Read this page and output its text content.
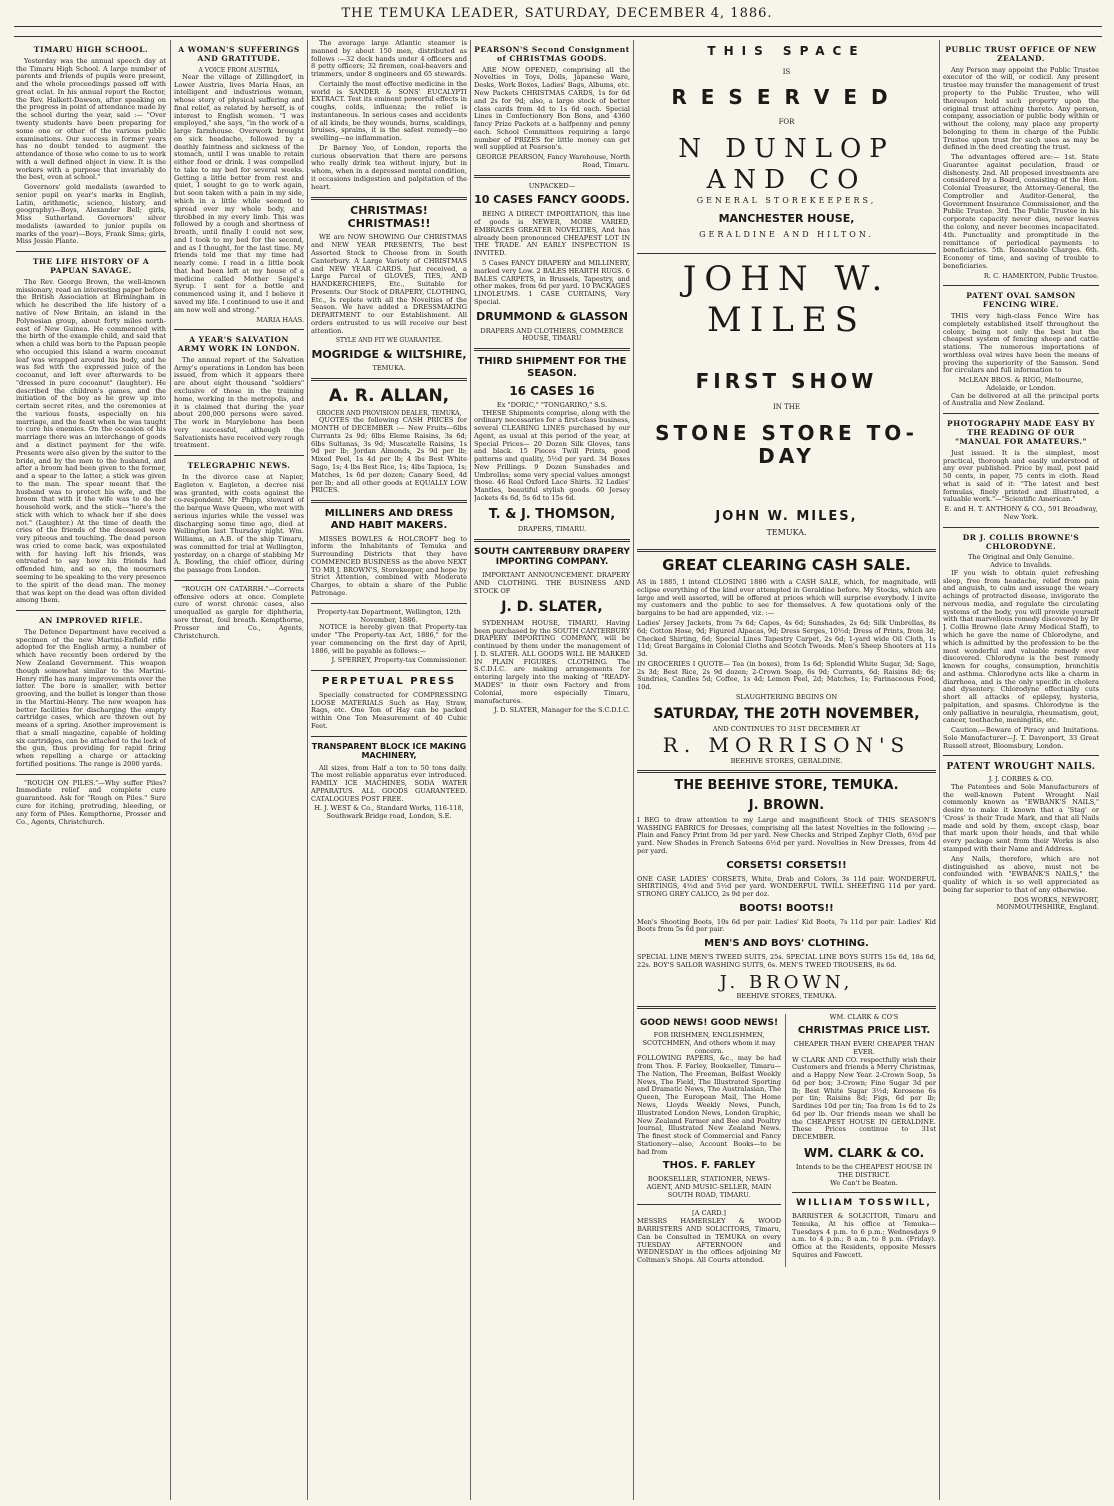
THE TEMUKA LEADER, SATURDAY, DECEMBER 4, 1886.
TIMARU HIGH SCHOOL.

Yesterday was the annual speech day at the Timaru High School. A large number of parents and friends of pupils were present, and the whole proceedings passed off with great eclat. In his annual report the Rector, the Rev. Halkett-Dawson, after speaking on the progress in point of attendance made by the school during the year, said :— "Over twenty students have been preparing for some one or other of the various public examinations. Our success in former years has no doubt tended to augment the attendance of those who come to us to work with a well defined object in view. It is the workers with a purpose that invariably do the best, even at school."

Governors' gold medalists (awarded to senior pupil on year's marks in English, Latin, arithmetic, science, history, and geography)—Boys, Alexander Bell; girls, Miss Sutherland. Governors' silver medalists (awarded to junior pupils on marks of the year)—Boys, Frank Sims; girls, Miss Jessie Plante.

THE LIFE HISTORY OF A PAPUAN SAVAGE.

The Rev. George Brown, the well-known missionary, read an interesting paper before the British Association at Birmingham in which he described the life history of a native of New Britain, an island in the Polynesian group, about forty miles north-east of New Guinea. He commenced with the birth of the example child, and said that when a child was born to the Papuan people who occupied this island a warm cocoanut leaf was wrapped around his body, and he was fed with the expressed juice of the cocoanut, and left ever afterwards to be "dressed in pure cocoanut" (laughter). He described the children's games, and the initiation of the boy as he grew up into certain secret rites, and the ceremonies at the various feasts, especially on his marriage, and the feast when he was taught to cure his enemies. On the occasion of his marriage there was an interchange of goods and a distinct payment for the wife. Presents were also given by the suitor to the bride, and by the men to the husband, and after a broom had been given to the former, and a spear to the latter, a stick was given to the man. The spear meant that the husband was to protect his wife, and the broom that with it the wife was to do her household work, and the stick—"here's the stick with which to whack her if she does not." (Laughter.) At the time of death the cries of the friends of the deceased were very piteous and touching. The dead person was cried to come back, was expostulated with for having left his friends, was entreated to say how his friends had offended him, and so on, the mourners seeming to be speaking to the very presence to the spirit of the dead man. The money that was kept on the dead was often divided among them.

AN IMPROVED RIFLE.

The Defence Department have received a specimen of the new Martini-Enfield rifle adopted for the English army, a number of which have recently been ordered by the New Zealand Government. This weapon though somewhat similar to the Martini-Henry rifle has many improvements over the latter. The bore is smaller, with better grooving, and the bullet is longer than those in the Martini-Henry. The new weapon has better facilities for discharging the empty cartridge cases, which are thrown out by means of a spring. Another improvement is that a small magazine, capable of holding six cartridges, can be attached to the lock of the gun, thus providing for rapid firing when repelling a charge or attacking fortified positions. The range is 2000 yards.

"ROUGH ON PILES."—Why suffer Piles? Immediate relief and complete cure guaranteed. Ask for "Rough on Piles." Sure cure for itching, protruding, bleeding, or any form of Piles. Kempthorne, Prosser and Co., Agents, Christchurch.

A WOMAN'S SUFFERINGS AND GRATITUDE.
A VOICE FROM AUSTRIA.

Near the village of Zillingdorf, in Lower Austria, lives Maria Haas, an intelligent and industrious woman, whose story of physical suffering and final relief, as related by herself, is of interest to English women. "I was employed," she says, "in the work of a large farmhouse. Overwork brought on sick headache, followed by a deathly faintness and sickness of the stomach, until I was unable to retain either food or drink. I was compelled to take to my bed for several weeks. Getting a little better from rest and quiet, I sought to go to work again, but soon taken with a pain in my side, which in a little while seemed to spread over my whole body, and throbbed in my every limb. This was followed by a cough and shortness of breath, until finally I could not sew, and I took to my bed for the second, and as I thought, for the last time. My friends told me that my time had nearly come. I read in a little book that had been left at my house of a medicine called Mother Seigel's Syrup. I sent for a bottle and commenced using it, and I believe it saved my life. I continued to use it and am now well and strong."

MARIA HAAS.
A YEAR'S SALVATION ARMY WORK IN LONDON.

The annual report of the Salvation Army's operations in London has been issued, from which it appears there are about eight thousand "soldiers" exclusive of those in the training home, working in the metropolis, and it is claimed that during the year about 200,000 persons were saved. The work in Marylebone has been very successful, although the Salvationists have received very rough treatment.

TELEGRAPHIC NEWS.

In the divorce case at Napier, Eagleton v. Eagleton, a decree nisi was granted, with costs against the co-respondent. Mr Phipp, steward of the barque Wave Queen, who met with serious injuries while the vessel was discharging some time ago, died at Wellington last Thursday night. Wm. Williams, an A.B. of the ship Timaru, was committed for trial at Wellington, yesterday, on a charge of stabbing Mr A. Bowling, the chief officer, during the passage from London.

"ROUGH ON CATARRH."—Corrects offensive odors at once. Complete cure of worst chronic cases, also unequalled as gargle for diphtheria, sore throat, foul breath. Kempthorne, Prosser and Co., Agents, Christchurch.

The average large Atlantic steamer is manned by about 150 men, distributed as follows :—32 deck hands under 4 officers and 8 petty officers; 32 firemen, coal-heavers and trimmers, under 8 engineers and 65 stewards.

Certainly the most effective medicine in the world is SANDER & SONS' EUCALYPTI EXTRACT. Test its eminent powerful effects in coughs, colds, influenza; the relief is instantaneous. In serious cases and accidents of all kinds, be they wounds, burns, scaldings, bruises, sprains, it is the safest remedy—no swelling—no inflammation.

Dr Barney Yeo, of London, reports the curious observation that there are persons who really drink tea without injury, but in whom, when in a depressed mental condition, it occasions indigestion and palpitation of the heart.

CHRISTMAS! CHRISTMAS!!

WE are NOW SHOWING Our CHRISTMAS and NEW YEAR PRESENTS, The best Assorted Stock to Choose from in South Canterbury. A Large Variety of CHRISTMAS and NEW YEAR CARDS. Just received, a Large Parcel of GLOVES, TIES, AND HANDKERCHIEFS, Etc., Suitable for Presents. Our Stock of DRAPERY, CLOTHING, Etc., Is replete with all the Novelties of the Season. We have added a DRESSMAKING DEPARTMENT to our Establishment. All orders entrusted to us will receive our best attention.

STYLE AND FIT WE GUARANTEE.
MOGRIDGE & WILTSHIRE,
TEMUKA.
A. R. ALLAN,
GROCER AND PROVISION DEALER, TEMUKA,

QUOTES the following CASH PRICES for MONTH of DECEMBER :— New Fruits—6lbs Currants 2s 9d; 6lbs Eleme Raisins, 3s 6d; 6lbs Sultanas, 3s 9d; Muscatelle Raisins, 1s 9d per lb; Jordan Almonds, 2s 9d per lb; Mixed Peel, 1s 4d per lb; 4 lbs Best White Sago, 1s; 4 lbs Best Rice, 1s; 4lbs Tapioca, 1s; Matches, 1s 6d per dozen; Canary Seed, 4d per lb; and all other goods at EQUALLY LOW PRICES.

MILLINERS AND DRESS AND HABIT MAKERS.

MISSES BOWLES & HOLCROFT beg to inform the Inhabitants of Temuka and Surrounding Districts that they have COMMENCED BUSINESS as the above NEXT TO MR J. BROWN'S, Storekeeper, and hope by Strict Attention, combined with Moderate Charges, to obtain a share of the Public Patronage.

Property-tax Department, Wellington, 12th November, 1886.

NOTICE is hereby given that Property-tax under "The Property-tax Act, 1886," for the year commencing on the first day of April, 1886, will be payable as follows:—

J. SPERREY, Property-tax Commissioner.
PERPETUAL PRESS

Specially constructed for COMPRESSING LOOSE MATERIALS Such as Hay, Straw, Rags, etc. One Ton of Hay can be packed within One Ton Measurement of 40 Cubic Feet.

TRANSPARENT BLOCK ICE MAKING MACHINERY,

All sizes, from Half a ton to 50 tons daily. The most reliable apparatus ever introduced. FAMILY ICE MACHINES, SODA WATER APPARATUS. ALL GOODS GUARANTEED. CATALOGUES POST FREE.

H. J. WEST & Co., Standard Works, 116-118, Southwark Bridge road, London, S.E.
PEARSON'S Second Consignment of CHRISTMAS GOODS.

ARE NOW OPENED, comprising all the Novelties in Toys, Dolls, Japanese Ware, Desks, Work Boxes, Ladies' Bags, Albums, etc. New Packets CHRISTMAS CARDS, 1s for 6d and 2s for 9d; also, a large stock of better class cards from 4d to 1s 6d each. Special Lines in Confectionery Bon Bons, and 4360 fancy Prize Packets at a halfpenny and penny each. School Committees requiring a large number of PRIZES for little money can get well supplied at Pearson's.

GEORGE PEARSON, Fancy Warehouse, North Road, Timaru.
UNPACKED—
10 CASES FANCY GOODS.

BEING A DIRECT IMPORTATION, this line of goods is NEWER, MORE VARIED, EMBRACES GREATER NOVELTIES, And has already been pronounced CHEAPEST LOT IN THE TRADE. AN EARLY INSPECTION IS INVITED.

5 Cases FANCY DRAPERY and MILLINERY, marked very Low. 2 BALES HEARTH RUGS. 6 BALES CARPETS, in Brussels, Tapestry, and other makes, from 6d per yard. 10 PACKAGES LINOLEUMS. 1 CASE CURTAINS, Very Special.

DRUMMOND & GLASSON
DRAPERS AND CLOTHIERS, COMMERCE HOUSE, TIMARU
THIRD SHIPMENT FOR THE SEASON.
16 CASES 16
Ex "DORIC," "TONGARIRO," S.S.

THESE Shipments comprise, along with the ordinary necessaries for a first-class business, several CLEARING LINES purchased by our Agent, as usual at this period of the year, at Special Prices— 20 Dozen Silk Gloves, tans and black. 15 Pieces Twill Prints, good patterns and quality, 5½d per yard. 34 Boxes New Frillings. 9 Dozen Sunshades and Umbrellas; some very special values amongst those. 46 Real Oxford Lace Shirts. 32 Ladies' Mantles, beautiful stylish goods. 60 Jersey Jackets 4s 6d, 5s 6d to 15s 6d.

T. & J. THOMSON,
DRAPERS, TIMARU.
SOUTH CANTERBURY DRAPERY IMPORTING COMPANY.

IMPORTANT ANNOUNCEMENT. DRAPERY AND CLOTHING. THE BUSINESS AND STOCK OF

J. D. SLATER,

SYDENHAM HOUSE, TIMARU, Having been purchased by the SOUTH CANTERBURY DRAPERY IMPORTING COMPANY, will be continued by them under the management of J. D. SLATER. ALL GOODS WILL BE MARKED IN PLAIN FIGURES. CLOTHING. The S.C.D.I.C. are making arrangements for entering largely into the making of "READY-MADES" in their own Factory and from Colonial, more especially Timaru, manufactures.

J. D. SLATER, Manager for the S.C.D.I.C.
THIS SPACE
IS
RESERVED
FOR
N DUNLOP AND CO
GENERAL STOREKEEPERS,
MANCHESTER HOUSE,
GERALDINE AND HILTON.
JOHN W. MILES
FIRST SHOW
IN THE
STONE STORE TO-DAY
JOHN W. MILES,
TEMUKA.
GREAT CLEARING CASH SALE.

AS in 1885, I intend CLOSING 1886 with a CASH SALE, which, for magnitude, will eclipse everything of the kind ever attempted in Geraldine before. My Stocks, which are large and well assorted, will be offered at prices which will surprise everybody. I invite my customers and the public to see for themselves. A few quotations only of the bargains to be had are appended, viz. :—

Ladies' Jersey Jackets, from 7s 6d; Capes, 4s 6d; Sunshades, 2s 6d; Silk Umbrellas, 8s 6d; Cotton Hose, 9d; Figured Alpacas, 9d; Dress Serges, 10½d; Dress of Prints, from 3d; Checked Shirting, 6d; Special Lines Tapestry Carpet, 2s 6d; 1-yard wide Oil Cloth, 1s 11d; Great Bargains in Colonial Cloths and Scotch Tweeds. Men's Sheep Shooters at 11s 3d.

IN GROCERIES I QUOTE— Tea (in boxes), from 1s 6d; Splendid White Sugar, 3d; Sago, 2s 3d; Best Rice, 2s 9d dozen; 2-Crown Soap, 6s 9d; Currants, 6d; Raisins 8d; 6s; Sundries, Candles 5d; Coffee, 1s 4d; Lemon Peel, 2d; Matches, 1s; Farinaceous Food, 10d.

SLAUGHTERING BEGINS ON
SATURDAY, THE 20TH NOVEMBER,
AND CONTINUES TO 31ST DECEMBER AT
R. MORRISON'S
BEEHIVE STORES, GERALDINE.
THE BEEHIVE STORE, TEMUKA.
J. BROWN.

I BEG to draw attention to my Large and magnificent Stock of THIS SEASON'S WASHING FABRICS for Dresses, comprising all the latest Novelties in the following :— Plain and Fancy Print from 3d per yard. New Checks and Striped Zephyr Cloth, 6½d per yard. New Shades in French Sateens 6½d per yard. Novelties in New Dresses, from 4d per yard.

CORSETS! CORSETS!!

ONE CASE LADIES' CORSETS, White, Drab and Colors, 3s 11d pair. WONDERFUL SHIRTINGS, 4½d and 5½d per yard. WONDERFUL TWILL SHEETING 11d per yard. STRONG GREY CALICO, 2s 9d per doz.

BOOTS! BOOTS!!

Men's Shooting Boots, 10s 6d per pair. Ladies' Kid Boots, 7s 11d per pair. Ladies' Kid Boots from 5s 6d per pair.

MEN'S AND BOYS' CLOTHING.

SPECIAL LINE MEN'S TWEED SUITS, 25s. SPECIAL LINE BOYS SUITS 15s 6d, 18s 6d, 22s. BOY'S SAILOR WASHING SUITS, 6s. MEN'S TWEED TROUSERS, 8s 6d.

J. BROWN,
BEEHIVE STORES, TEMUKA.
GOOD NEWS! GOOD NEWS!
FOR IRISHMEN, ENGLISHMEN, SCOTCHMEN, And others whom it may concern.

FOLLOWING PAPERS, &c., may be had from Thos. F. Farley, Bookseller, Timaru—The Nation, The Freeman, Belfast Weekly News, The Field, The Illustrated Sporting and Dramatic News, The Australasian, The Queen, The European Mail, The Home News, Lloyds Weekly News, Punch, Illustrated London News, London Graphic, New Zealand Farmer and Bee and Poultry Journal, Illustrated New Zealand News. The finest stock of Commercial and Fancy Stationery—also, Account Books—to be had from

THOS. F. FARLEY
BOOKSELLER, STATIONER, NEWS-AGENT, AND MUSIC-SELLER, MAIN SOUTH ROAD, TIMARU.
[A CARD.]

MESSRS HAMERSLEY & WOOD BARRISTERS AND SOLICITORS, Timaru, Can be Consulted in TEMUKA on every TUESDAY AFTERNOON and WEDNESDAY in the offices adjoining Mr Coltman's Shops. All Courts attended.

WM. CLARK & CO'S
CHRISTMAS PRICE LIST.
CHEAPER THAN EVER! CHEAPER THAN EVER.

W CLARK AND CO. respectfully wish their Customers and friends a Merry Christmas, and a Happy New Year. 2-Crown Soap, 5s 6d per box; 3-Crown; Fine Sugar 3d per lb; Best White Sugar 3½d; Kerosene 6s per tin; Raisins 8d; Figs, 6d per lb; Sardines 10d per tin; Tea from 1s 6d to 2s 6d per lb. Our friends mean we shall be the CHEAPEST HOUSE IN GERALDINE. These Prices continue to 31st DECEMBER.

WM. CLARK & CO.
Intends to be the CHEAPEST HOUSE IN THE DISTRICT.
We Can't be Beaten.
WILLIAM TOSSWILL,

BARRISTER & SOLICITOR, Timaru and Temuka, At his office at Temuka—Tuesdays 4 p.m. to 6 p.m.; Wednesdays 9 a.m. to 4 p.m.; 8 a.m. to 8 p.m. (Friday). Office at the Residents, opposite Messrs Squires and Fawcett.

PUBLIC TRUST OFFICE OF NEW ZEALAND.

Any Person may appoint the Public Trustee executor of the will, or codicil. Any present trustee may transfer the management of trust property to the Public Trustee, who will thereupon hold such property upon the original trust attaching thereto. Any person, company, association or public body within or without the colony, may place any property belonging to them in charge of the Public Trustee upon trust for such uses as may be defined in the deed creating the trust.

The advantages offered are:— 1st. State Guarantee against peculation, fraud or dishonesty. 2nd. All proposed investments are considered by a Board, consisting of the Hon. Colonial Treasurer, the Attorney-General, the Comptroller and Auditor-General, the Government Insurance Commissioner, and the Public Trustee. 3rd. The Public Trustee in his corporate capacity never dies, never leaves the colony, and never becomes incapacitated. 4th. Punctuality and promptitude in the remittance of periodical payments to beneficiaries. 5th. Reasonable Charges. 6th. Economy of time, and saving of trouble to beneficiaries.

R. C. HAMERTON, Public Trustee.
PATENT OVAL SAMSON FENCING WIRE.

THIS very high-class Fence Wire has completely established itself throughout the colony, being not only the best but the cheapest system of fencing sheep and cattle stations. The numerous importations of worthless oval wires have been the means of proving the superiority of the Samson. Send for circulars and full information to

McLEAN BROS. & RIGG, Melbourne, Adelaide, or London.

Can be delivered at all the principal ports of Australia and New Zealand.

PHOTOGRAPHY MADE EASY BY THE READING OF OUR "MANUAL FOR AMATEURS."

Just issued. It is the simplest, most practical, thorough and easily understood of any ever published. Price by mail, post paid 50 cents, in paper, 75 cents in cloth. Read what is said of it: "The latest and best formulas, finely printed and illustrated, a valuable work."—"Scientific American."

E. and H. T. ANTHONY & CO., 591 Broadway, New York.
DR J. COLLIS BROWNE'S CHLORODYNE.
The Original and Only Genuine.
Advice to Invalids.

IF you wish to obtain quiet refreshing sleep, free from headache, relief from pain and anguish, to calm and assuage the weary achings of protracted disease, invigorate the nervous media, and regulate the circulating systems of the body, you will provide yourself with that marvellous remedy discovered by Dr J. Collis Browne (late Army Medical Staff), to which he gave the name of Chlorodyne, and which is admitted by the profession to be the most wonderful and valuable remedy ever discovered. Chlorodyne is the best remedy known for coughs, consumption, bronchitis and asthma. Chlorodyne acts like a charm in diarrhoea, and is the only specific in cholera and dysentery. Chlorodyne effectually cuts short all attacks of epilepsy, hysteria, palpitation, and spasms. Chlorodyne is the only palliative in neuralgia, rheumatism, gout, cancer, toothache, meningitis, etc.

Caution.—Beware of Piracy and Imitations. Sole Manufacturer—J. T. Davenport, 33 Great Russell street, Bloomsbury, London.

PATENT WROUGHT NAILS.
J. J. CORBES & CO.

The Patentees and Sole Manufacturers of the well-known Patent Wrought Nail commonly known as "EWBANK'S NAILS," desire to make it known that a 'Stag' or 'Cross' is their Trade Mark, and that all Nails made and sold by them, except clasp, bear that mark upon their heads, and that while every package sent from their Works is also stamped with their Name and Address.

Any Nails, therefore, which are not distinguished as above, must not be confounded with "EWBANK'S NAILS," the quality of which is so well appreciated as being far superior to that of any otherwise.

DOS WORKS, NEWPORT, MONMOUTHSHIRE, England.
